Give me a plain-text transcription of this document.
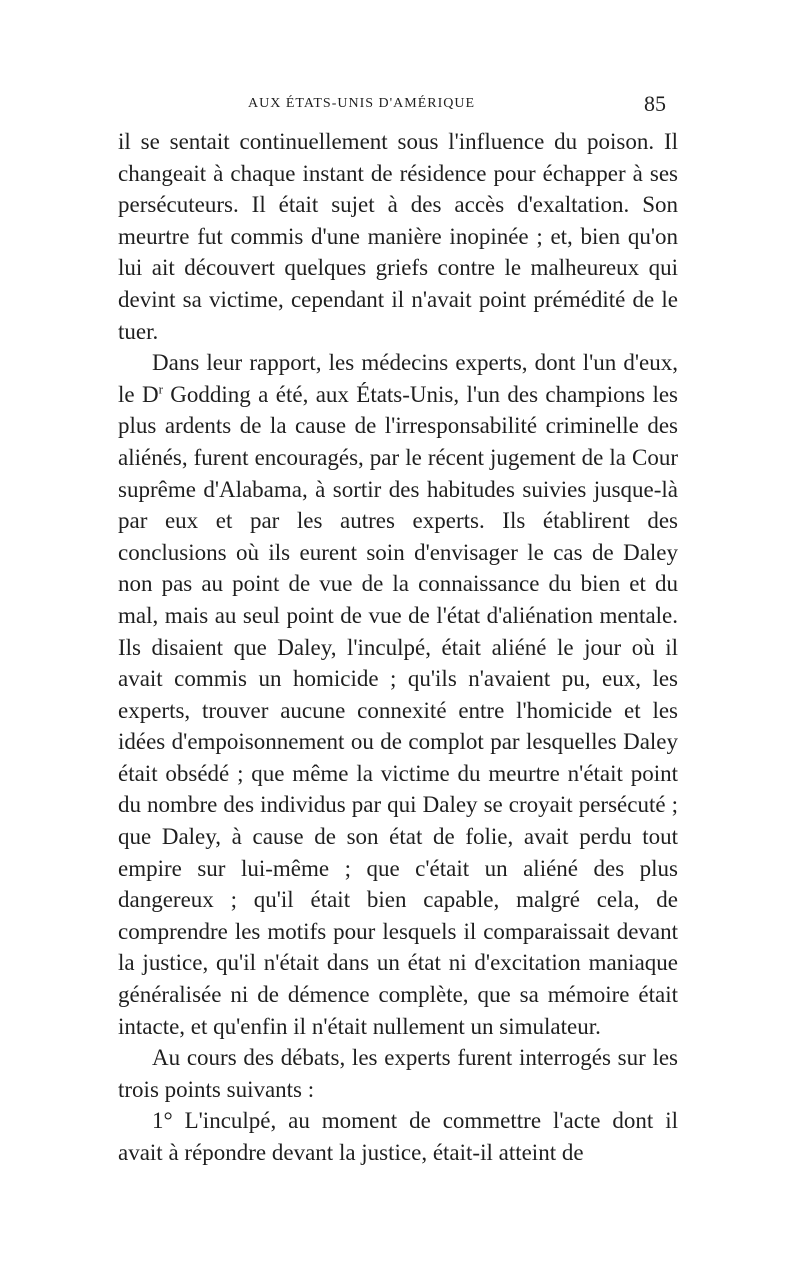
AUX ÉTATS-UNIS D'AMÉRIQUE	85

il se sentait continuellement sous l'influence du poison. Il changeait à chaque instant de résidence pour échapper à ses persécuteurs. Il était sujet à des accès d'exaltation. Son meurtre fut commis d'une manière inopinée ; et, bien qu'on lui ait découvert quelques griefs contre le malheureux qui devint sa victime, cependant il n'avait point prémédité de le tuer.

Dans leur rapport, les médecins experts, dont l'un d'eux, le $D^r$ Godding a été, aux États-Unis, l'un des champions les plus ardents de la cause de l'irresponsabilité criminelle des aliénés, furent encouragés, par le récent jugement de la Cour suprême d'Alabama, à sortir des habitudes suivies jusque-là par eux et par les autres experts. Ils établirent des conclusions où ils eurent soin d'envisager le cas de Daley non pas au point de vue de la connaissance du bien et du mal, mais au seul point de vue de l'état d'aliénation mentale. Ils disaient que Daley, l'inculpé, était aliéné le jour où il avait commis un homicide ; qu'ils n'avaient pu, eux, les experts, trouver aucune connexité entre l'homicide et les idées d'empoisonnement ou de complot par lesquelles Daley était obsédé ; que même la victime du meurtre n'était point du nombre des individus par qui Daley se croyait persécuté ; que Daley, à cause de son état de folie, avait perdu tout empire sur lui-même ; que c'était un aliéné des plus dangereux ; qu'il était bien capable, malgré cela, de comprendre les motifs pour lesquels il comparaissait devant la justice, qu'il n'était dans un état ni d'excitation maniaque généralisée ni de démence complète, que sa mémoire était intacte, et qu'enfin il n'était nullement un simulateur.

Au cours des débats, les experts furent interrogés sur les trois points suivants :

1° L'inculpé, au moment de commettre l'acte dont il avait à répondre devant la justice, était-il atteint de
